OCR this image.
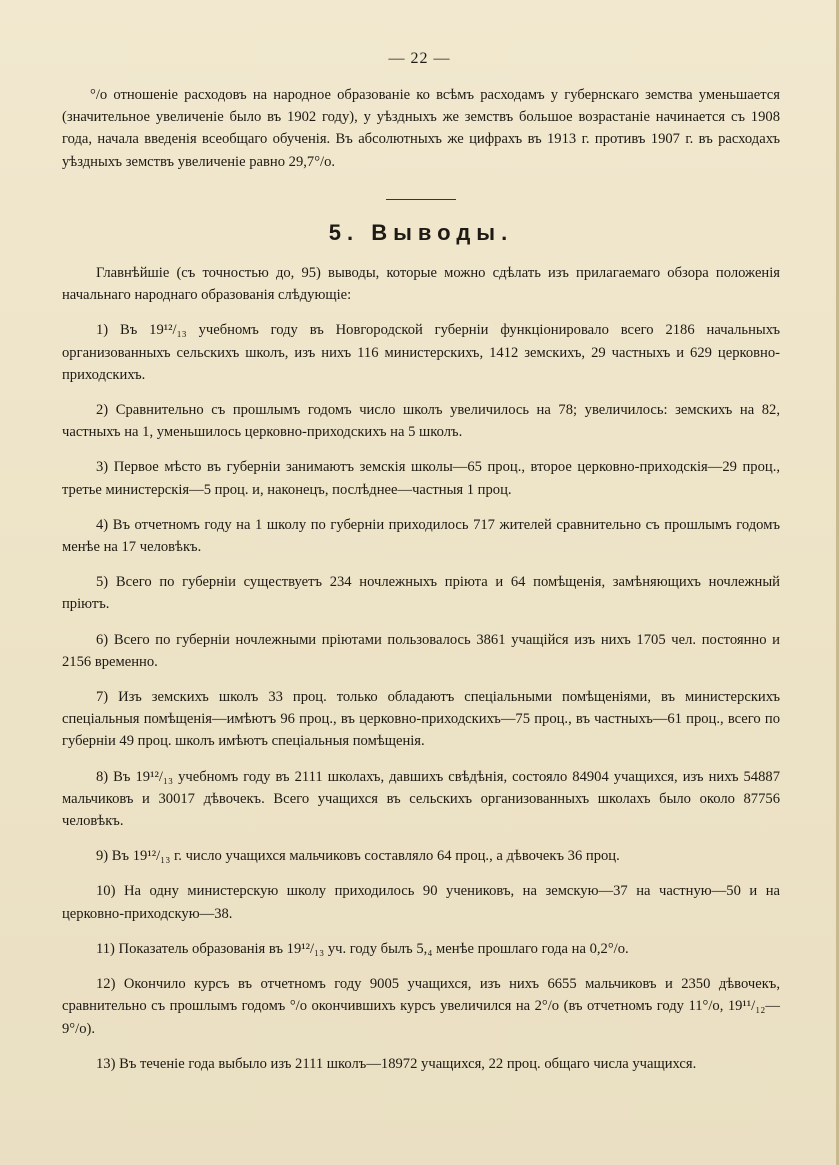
— 22 —

°/о отношеніе расходовъ на народное образованіе ко всѣмъ расходамъ у губернскаго земства уменьшается (значительное увеличеніе было въ 1902 году), у уѣздныхъ же земствъ большое возрастаніе начинается съ 1908 года, начала введенія всеобщаго обученія. Въ абсолютныхъ же цифрахъ въ 1913 г. противъ 1907 г. въ расходахъ уѣздныхъ земствъ увеличеніе равно 29,7°/о.

5. Выводы.

Главнѣйшіе (съ точностью до, 95) выводы, которые можно сдѣлать изъ прилагаемаго обзора положенія начальнаго народнаго образованія слѣдующіе:

1) Въ 19¹²/₁₃ учебномъ году въ Новгородской губерніи функціонировало всего 2186 начальныхъ организованныхъ сельскихъ школъ, изъ нихъ 116 министерскихъ, 1412 земскихъ, 29 частныхъ и 629 церковно-приходскихъ.

2) Сравнительно съ прошлымъ годомъ число школъ увеличилось на 78; увеличилось: земскихъ на 82, частныхъ на 1, уменьшилось церковно-приходскихъ на 5 школъ.

3) Первое мѣсто въ губерніи занимаютъ земскія школы—65 проц., второе церковно-приходскія—29 проц., третье министерскія—5 проц. и, наконецъ, послѣднее—частныя 1 проц.

4) Въ отчетномъ году на 1 школу по губерніи приходилось 717 жителей сравнительно съ прошлымъ годомъ менѣе на 17 человѣкъ.

5) Всего по губерніи существуетъ 234 ночлежныхъ пріюта и 64 помѣщенія, замѣняющихъ ночлежный пріютъ.

6) Всего по губерніи ночлежными пріютами пользовалось 3861 учащійся изъ нихъ 1705 чел. постоянно и 2156 временно.

7) Изъ земскихъ школъ 33 проц. только обладаютъ спеціальными помѣщеніями, въ министерскихъ спеціальныя помѣщенія—имѣютъ 96 проц., въ церковно-приходскихъ—75 проц., въ частныхъ—61 проц., всего по губерніи 49 проц. школъ имѣютъ спеціальныя помѣщенія.

8) Въ 19¹²/₁₃ учебномъ году въ 2111 школахъ, давшихъ свѣдѣнія, состояло 84904 учащихся, изъ нихъ 54887 мальчиковъ и 30017 дѣвочекъ. Всего учащихся въ сельскихъ организованныхъ школахъ было около 87756 человѣкъ.

9) Въ 19¹²/₁₃ г. число учащихся мальчиковъ составляло 64 проц., а дѣвочекъ 36 проц.

10) На одну министерскую школу приходилось 90 учениковъ, на земскую—37 на частную—50 и на церковно-приходскую—38.

11) Показатель образованія въ 19¹²/₁₃ уч. году былъ 5,₄ менѣе прошлаго года на 0,2°/о.

12) Окончило курсъ въ отчетномъ году 9005 учащихся, изъ нихъ 6655 мальчиковъ и 2350 дѣвочекъ, сравнительно съ прошлымъ годомъ °/о окончившихъ курсъ увеличился на 2°/о (въ отчетномъ году 11°/о, 19¹¹/₁₂—9°/о).

13) Въ теченіе года выбыло изъ 2111 школъ—18972 учащихся, 22 проц. общаго числа учащихся.
